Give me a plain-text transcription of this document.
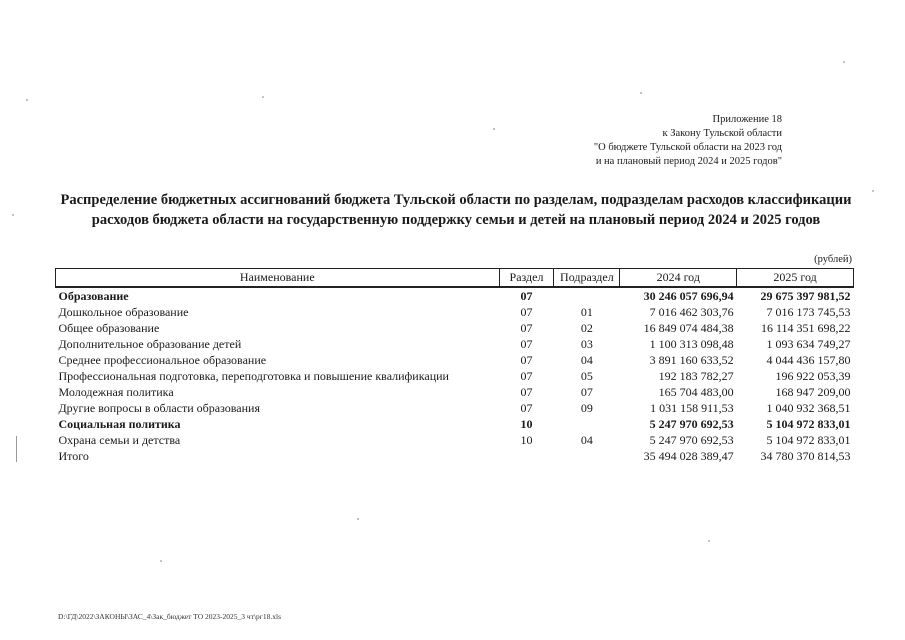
Приложение 18
к Закону Тульской области
"О бюджете Тульской области на 2023 год
и на плановый период 2024 и 2025 годов"
Распределение бюджетных ассигнований бюджета Тульской области по разделам, подразделам расходов классификации расходов бюджета области на государственную поддержку семьи и детей на плановый период 2024 и 2025 годов
(рублей)
Наименование	Раздел	Подраздел	2024 год	2025 год
Образование	07		30 246 057 696,94	29 675 397 981,52
Дошкольное образование	07	01	7 016 462 303,76	7 016 173 745,53
Общее образование	07	02	16 849 074 484,38	16 114 351 698,22
Дополнительное образование детей	07	03	1 100 313 098,48	1 093 634 749,27
Среднее профессиональное образование	07	04	3 891 160 633,52	4 044 436 157,80
Профессиональная подготовка, переподготовка и повышение квалификации	07	05	192 183 782,27	196 922 053,39
Молодежная политика	07	07	165 704 483,00	168 947 209,00
Другие вопросы в области образования	07	09	1 031 158 911,53	1 040 932 368,51
Социальная политика	10		5 247 970 692,53	5 104 972 833,01
Охрана семьи и детства	10	04	5 247 970 692,53	5 104 972 833,01
Итого			35 494 028 389,47	34 780 370 814,53
D:\ГД\2022\ЗАКОНЫ\ЗАС_4\Зак_бюджет ТО 2023-2025_3 чт\рг18.xls
